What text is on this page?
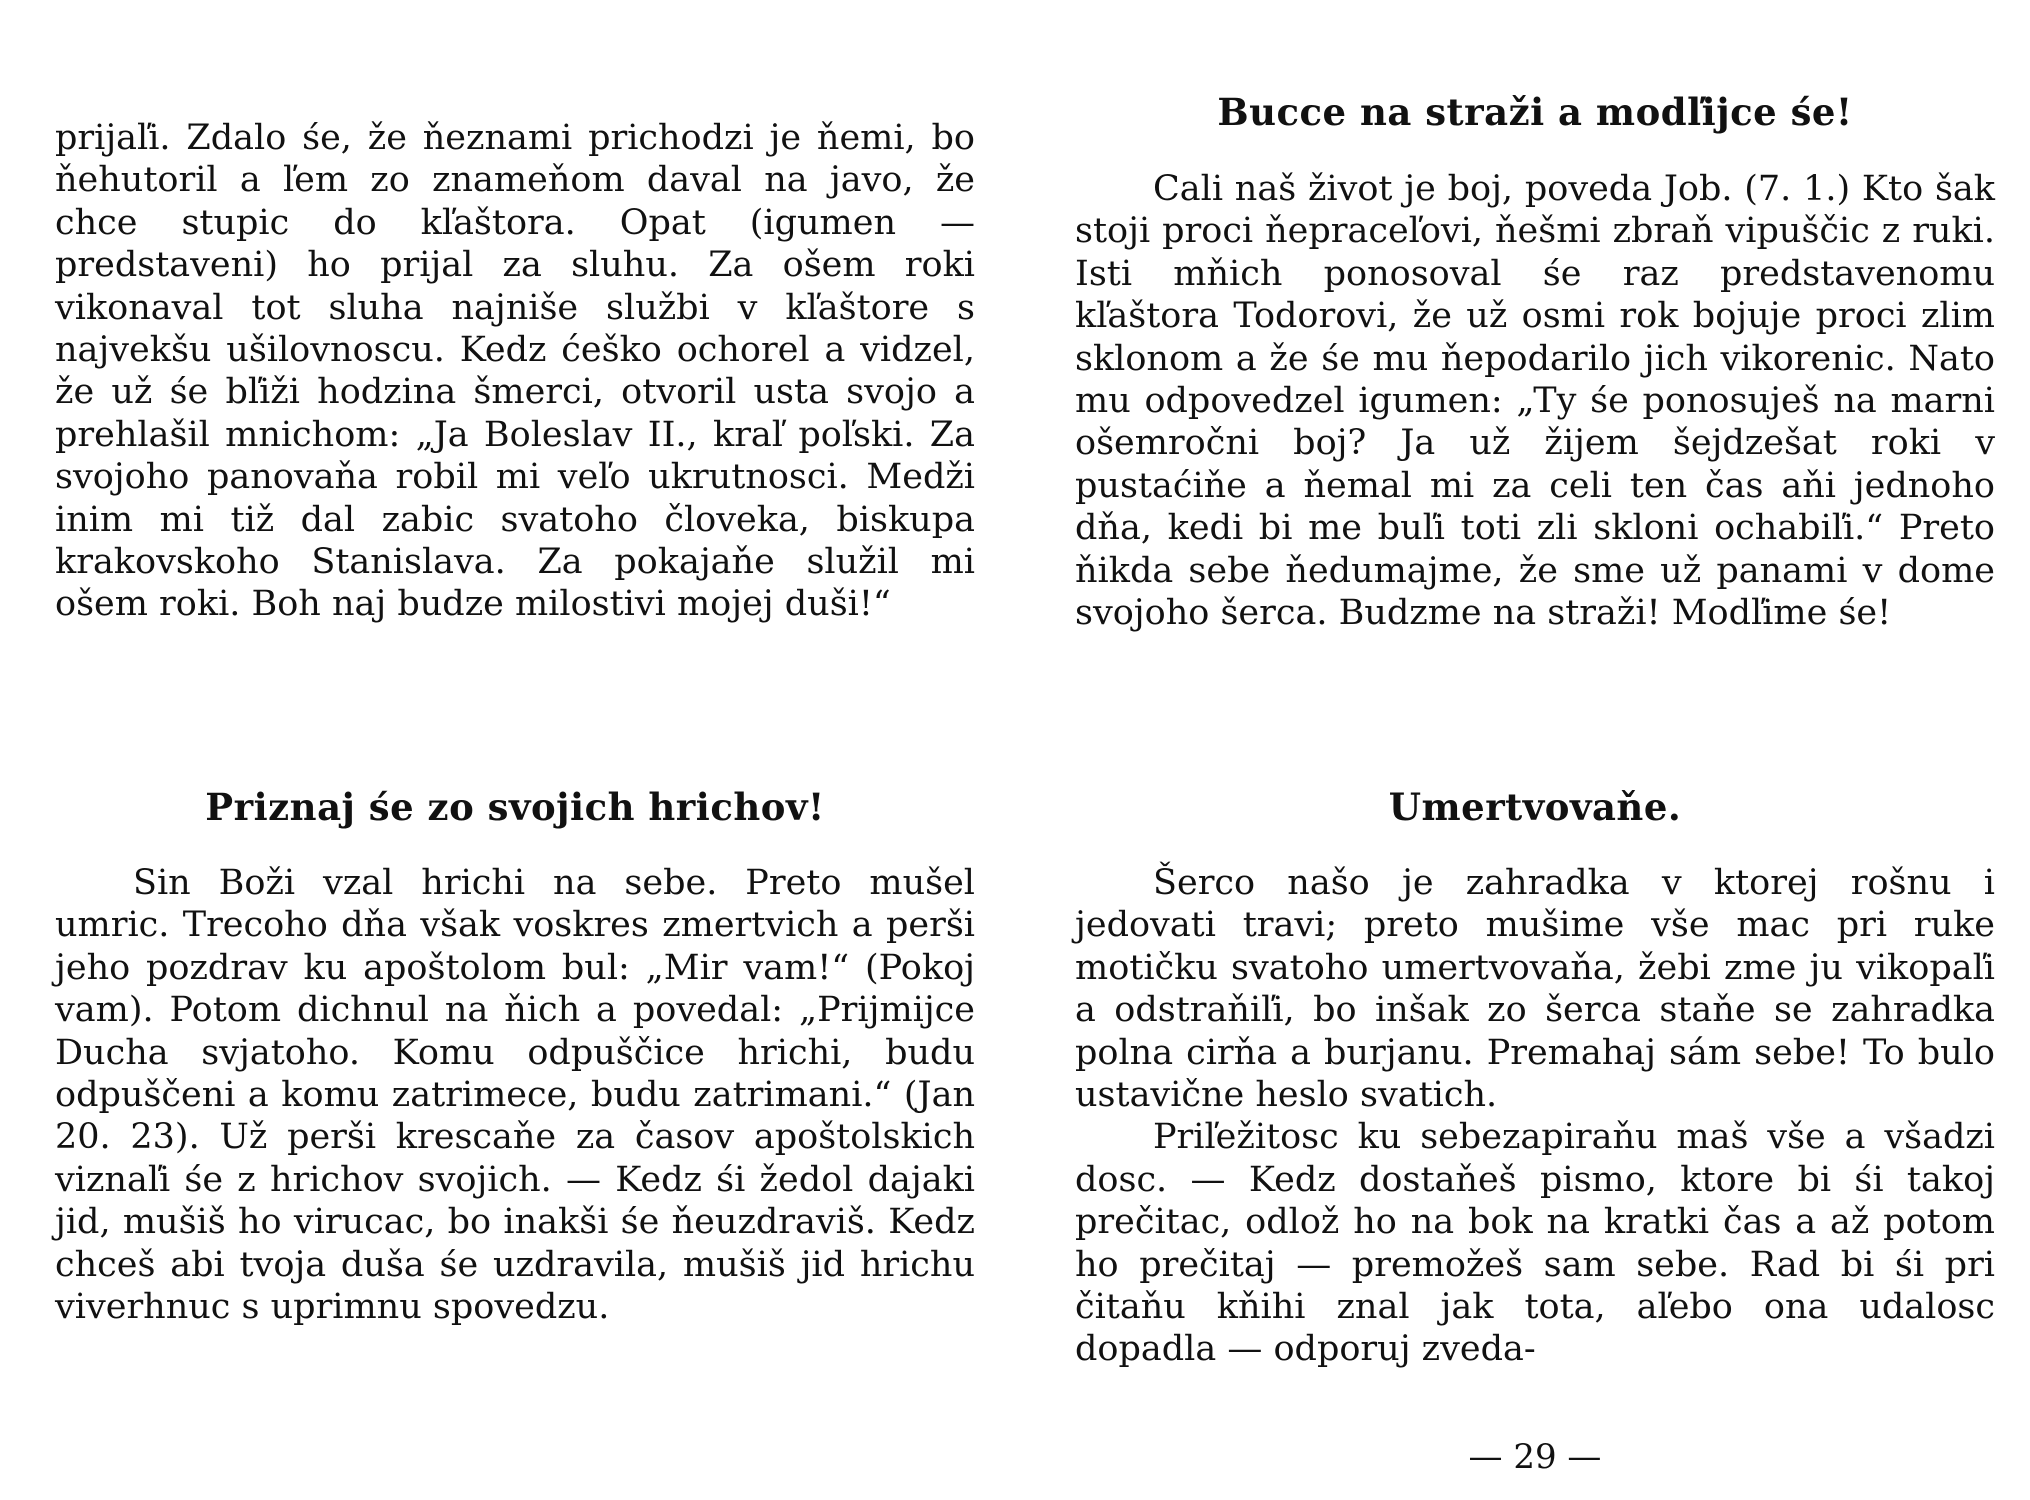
prijaľi. Zdalo śe, že ňeznami prichodzi je ňemi, bo ňehutoril a ľem zo znameňom daval na javo, že chce stupic do kľaštora. Opat (igumen — predstaveni) ho prijal za sluhu. Za ošem roki vikonaval tot sluha najniše službi v kľaštore s najvekšu ušilovnoscu. Kedz ćeško ochorel a vidzel, že už śe bľiži hodzina šmerci, otvoril usta svojo a prehlašil mnichom: „Ja Boleslav II., kraľ poľski. Za svojoho panovaňa robil mi veľo ukrutnosci. Medži inim mi tiž dal zabic svatoho človeka, biskupa krakovskoho Stanislava. Za pokajaňe služil mi ošem roki. Boh naj budze milostivi mojej duši!“

Priznaj śe zo svojich hrichov!

Sin Boži vzal hrichi na sebe. Preto mušel umric. Trecoho dňa však voskres zmertvich a perši jeho pozdrav ku apoštolom bul: „Mir vam!“ (Pokoj vam). Potom dichnul na ňich a povedal: „Prijmijce Ducha svjatoho. Komu odpuščice hrichi, budu odpuščeni a komu zatrimece, budu zatrimani.“ (Jan 20. 23). Už perši krescaňe za časov apoštolskich viznaľi śe z hrichov svojich. — Kedz śi žedol dajaki jid, mušiš ho virucac, bo inakši śe ňeuzdraviš. Kedz chceš abi tvoja duša śe uzdravila, mušiš jid hrichu viverhnuc s uprimnu spovedzu.

Bucce na straži a modľijce śe!

Cali naš život je boj, poveda Job. (7. 1.) Kto šak stoji proci ňepraceľovi, ňešmi zbraň vipuščic z ruki. Isti mňich ponosoval śe raz predstavenomu kľaštora Todorovi, že už osmi rok bojuje proci zlim sklonom a že śe mu ňepodarilo jich vikorenic. Nato mu odpovedzel igumen: „Ty śe ponosuješ na marni ošemročni boj? Ja už žijem šejdzešat roki v pustaćiňe a ňemal mi za celi ten čas aňi jednoho dňa, kedi bi me buľi toti zli skloni ochabiľi.“ Preto ňikda sebe ňedumajme, že sme už panami v dome svojoho šerca. Budzme na straži! Modľime śe!

Umertvovaňe.

Šerco našo je zahradka v ktorej rošnu i jedovati travi; preto mušime vše mac pri ruke motičku svatoho umertvovaňa, žebi zme ju vikopaľi a odstraňiľi, bo inšak zo šerca staňe se zahradka polna cirňa a burjanu. Premahaj sám sebe! To bulo ustavične heslo svatich.

Priľežitosc ku sebezapiraňu maš vše a všadzi dosc. — Kedz dostaňeš pismo, ktore bi śi takoj prečitac, odlož ho na bok na kratki čas a až potom ho prečitaj — premožeš sam sebe. Rad bi śi pri čitaňu kňihi znal jak tota, aľebo ona udalosc dopadla — odporuj zveda-

— 29 —
